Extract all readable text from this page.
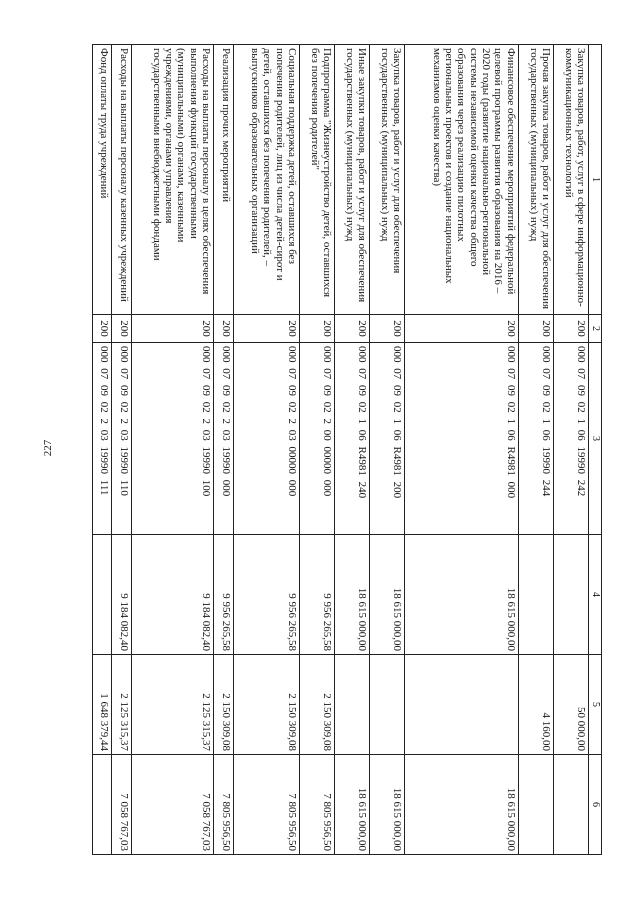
227
1	2	3	4	5	6
Закупка товаров, работ, услуг в сфере информационно-коммуникационных технологий	200	000 07 09 02 1 06 19990 242		50 000,00	
Прочая закупка товаров, работ и услуг для обеспечения государственных (муниципальных) нужд	200	000 07 09 02 1 06 19990 244		4 160,00	
Финансовое обеспечение мероприятий федеральной целевой программы развития образования на 2016 – 2020 годы (развитие национально-региональной системы независимой оценки качества общего образования через реализацию пилотных региональных проектов и создание национальных механизмов оценки качества)	200	000 07 09 02 1 06 R4981 000	18 615 000,00		18 615 000,00
Закупка товаров, работ и услуг для обеспечения государственных (муниципальных) нужд	200	000 07 09 02 1 06 R4981 200	18 615 000,00		18 615 000,00
Иные закупки товаров, работ и услуг для обеспечения государственных (муниципальных) нужд	200	000 07 09 02 1 06 R4981 240	18 615 000,00		18 615 000,00
Подпрограмма "Жизнеустройство детей, оставшихся без попечения родителей"	200	000 07 09 02 2 00 00000 000	9 956 265,58	2 150 309,08	7 805 956,50
Социальная поддержка детей, оставшихся без попечения родителей, лиц из числа детей-сирот и детей, оставшихся без попечения родителей, – выпускников образовательных организаций	200	000 07 09 02 2 03 00000 000	9 956 265,58	2 150 309,08	7 805 956,50
Реализация прочих мероприятий	200	000 07 09 02 2 03 19990 000	9 956 265,58	2 150 309,08	7 805 956,50
Расходы на выплаты персоналу в целях обеспечения выполнения функций государственными (муниципальными) органами, казенными учреждениями, органами управления государственными внебюджетными фондами	200	000 07 09 02 2 03 19990 100	9 184 082,40	2 125 315,37	7 058 767,03
Расходы на выплаты персоналу казенных учреждений	200	000 07 09 02 2 03 19990 110	9 184 082,40	2 125 315,37	7 058 767,03
Фонд оплаты труда учреждений	200	000 07 09 02 2 03 19990 111		1 648 379,44	
